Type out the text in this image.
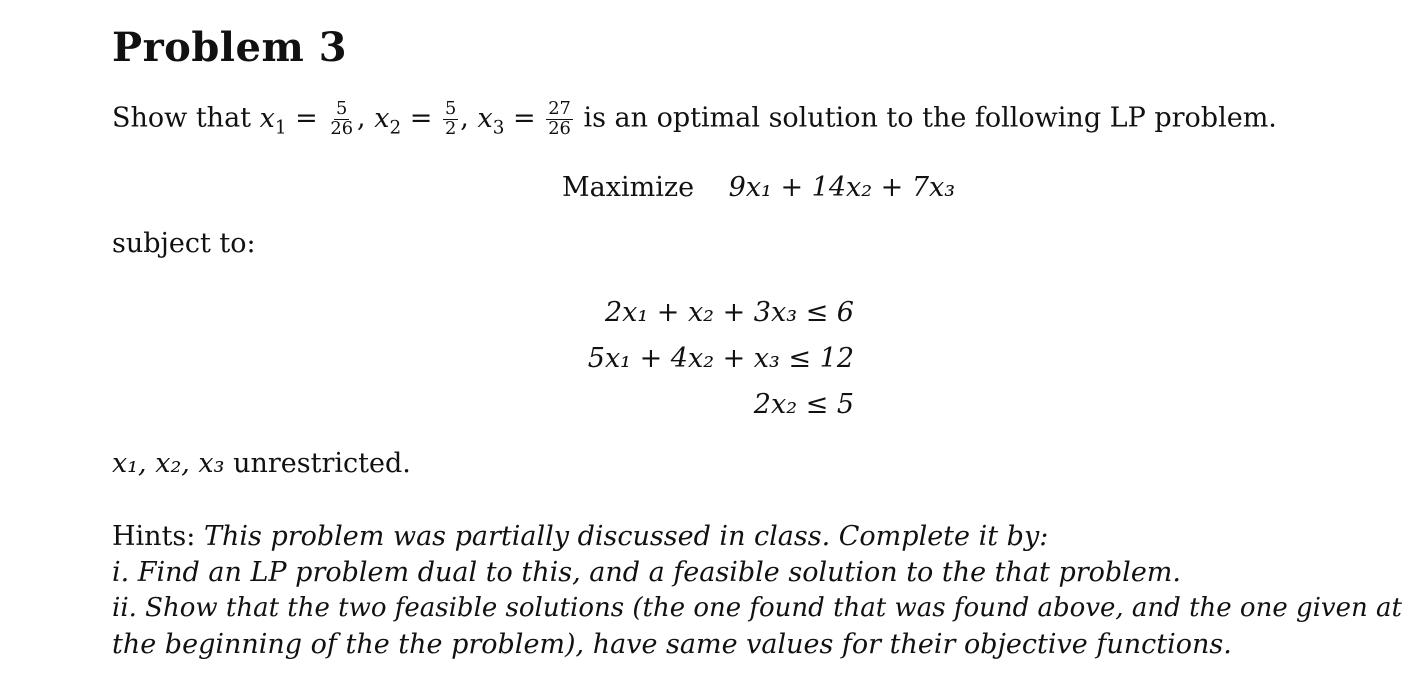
Problem 3
Show that $x_1 = \frac{5}{26}$ , $x_2 = \frac{5}{2}$ , $x_3 = \frac{27}{26}$ is an optimal solution to the following LP problem.
Maximize 9x₁ + 14x₂ + 7x₃
subject to:
2x₁ + x₂ + 3x₃ ≤ 6
5x₁ + 4x₂ + x₃ ≤ 12
2x₂ ≤ 5
x₁, x₂, x₃ unrestricted.
Hints: This problem was partially discussed in class. Complete it by:
i. Find an LP problem dual to this, and a feasible solution to the that problem.
ii. Show that the two feasible solutions (the one found that was found above, and the one given at
the beginning of the the problem), have same values for their objective functions.
